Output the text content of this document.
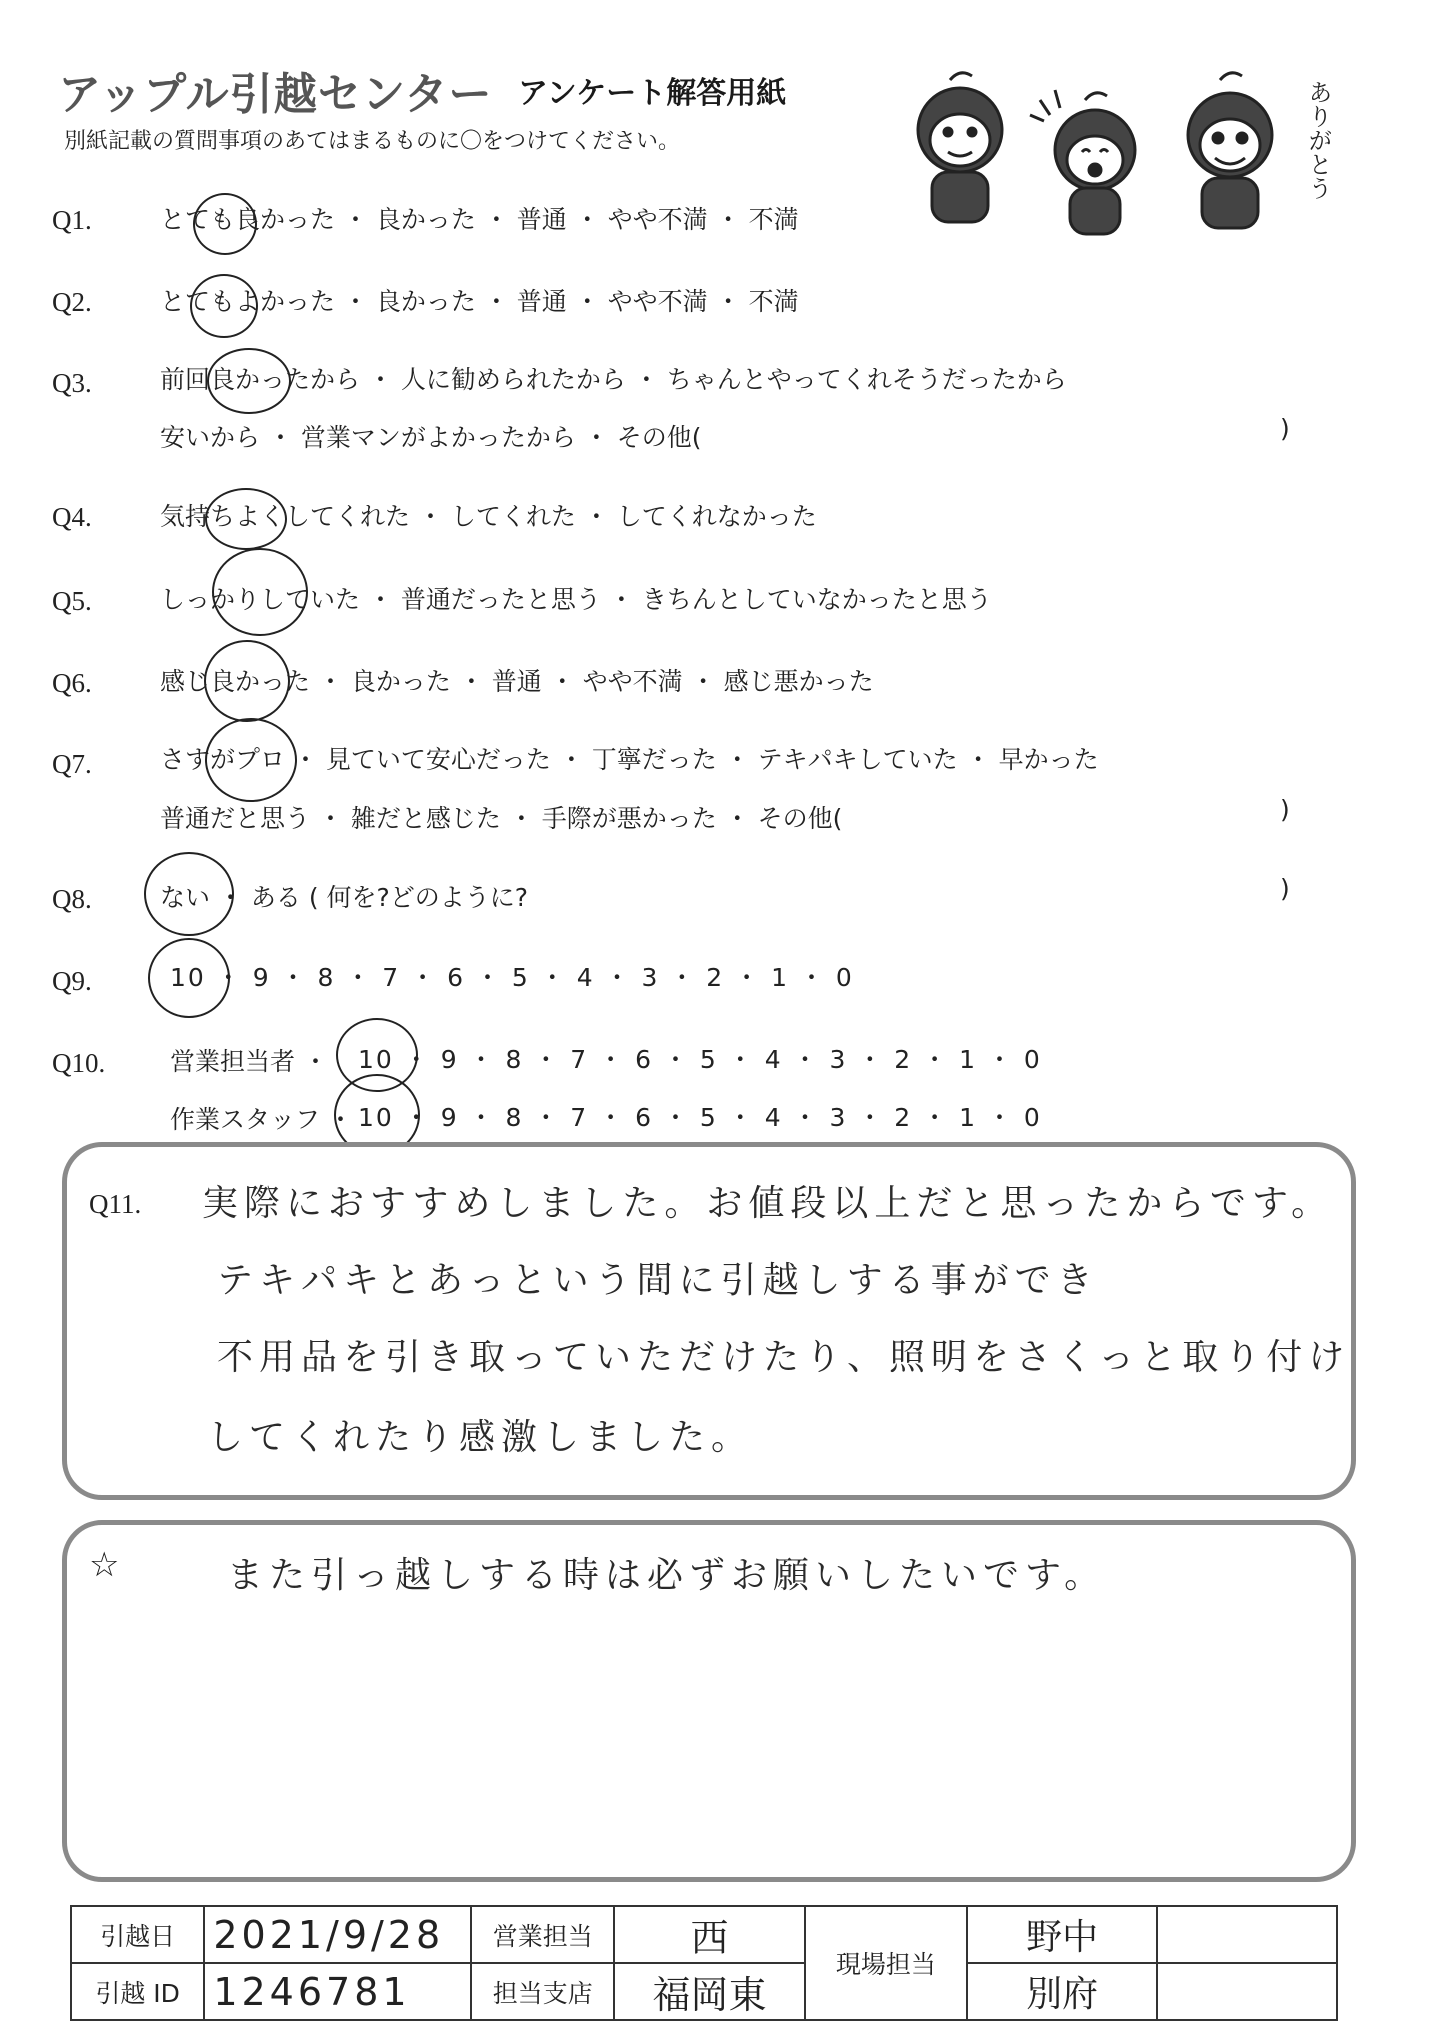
アップル引越センター アンケート解答用紙
別紙記載の質問事項のあてはまるものに〇をつけてください。	ありがとう
Q1.	とても良かった ・ 良かった ・ 普通 ・ やや不満 ・ 不満
Q2.	とてもよかった ・ 良かった ・ 普通 ・ やや不満 ・ 不満
Q3.	前回良かったから ・ 人に勧められたから ・ ちゃんとやってくれそうだったから
安いから ・ 営業マンがよかったから ・ その他(	)
Q4.	気持ちよくしてくれた ・ してくれた ・ してくれなかった
Q5.	しっかりしていた ・ 普通だったと思う ・ きちんとしていなかったと思う
Q6.	感じ良かった ・ 良かった ・ 普通 ・ やや不満 ・ 感じ悪かった
Q7.	さすがプロ ・ 見ていて安心だった ・ 丁寧だった ・ テキパキしていた ・ 早かった
普通だと思う ・ 雑だと感じた ・ 手際が悪かった ・ その他(	)
Q8.	ない ・ ある ( 何を?どのように?	)
Q9.	10 ・ 9 ・ 8 ・ 7 ・ 6 ・ 5 ・ 4 ・ 3 ・ 2 ・ 1 ・ 0
Q10.	営業担当者 ・ 10 ・ 9 ・ 8 ・ 7 ・ 6 ・ 5 ・ 4 ・ 3 ・ 2 ・ 1 ・ 0
作業スタッフ ・ 10 ・ 9 ・ 8 ・ 7 ・ 6 ・ 5 ・ 4 ・ 3 ・ 2 ・ 1 ・ 0
Q11. 実際におすすめしました。お値段以上だと思ったからです。
テキパキとあっという間に引越しする事ができ
不用品を引き取っていただけたり、照明をさくっと取り付け
してくれたり感激しました。
☆	また引っ越しする時は必ずお願いしたいです。
引越日	2021/9/28	営業担当	西	現場担当	野中	
引越 ID	1246781	担当支店	福岡東		別府	
